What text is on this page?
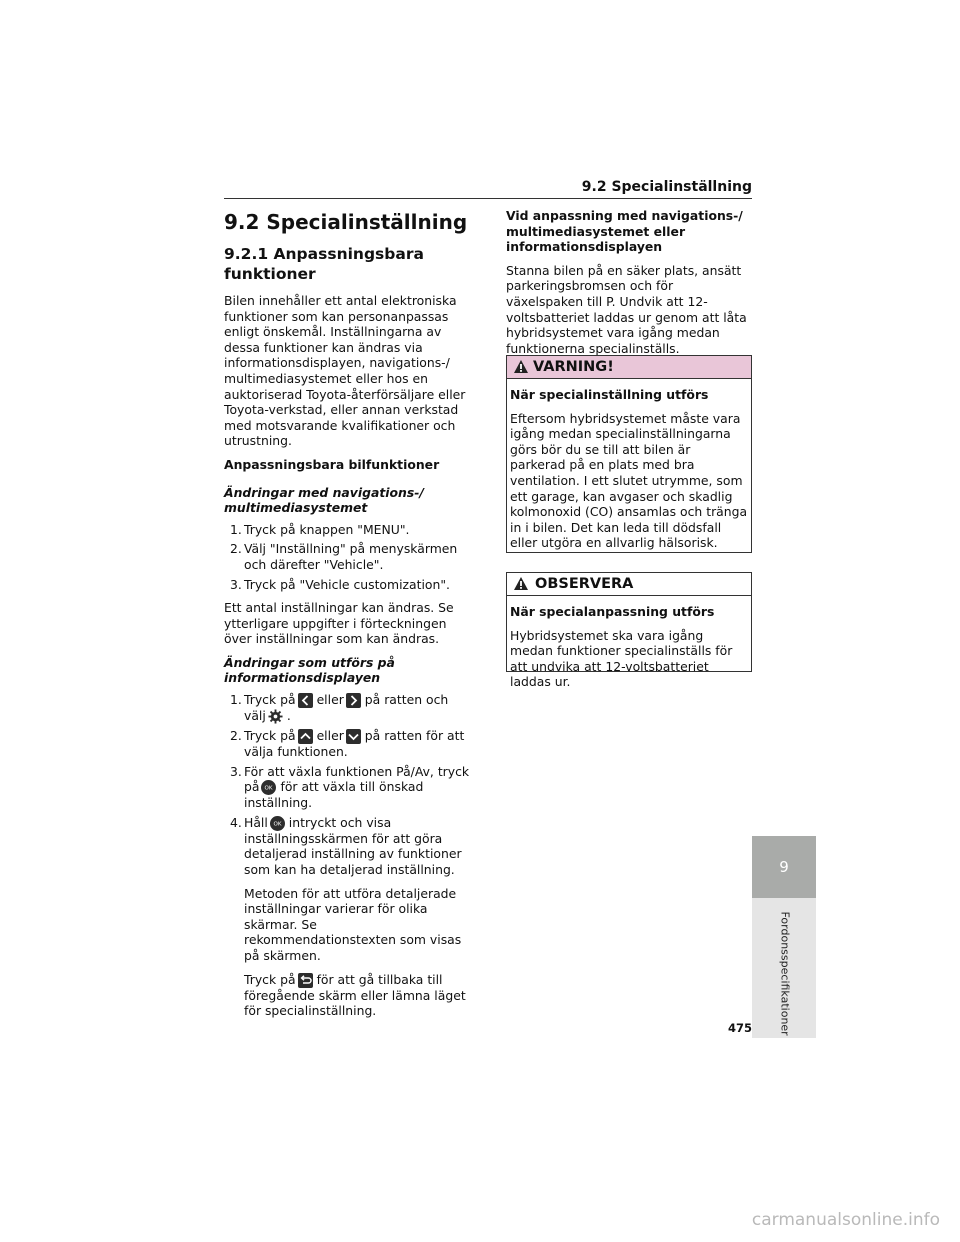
9.2 Specialinställning
9.2 Specialinställning
9.2.1 Anpassningsbara funktioner

Bilen innehåller ett antal elektroniska funktioner som kan personanpassas enligt önskemål. Inställningarna av dessa funktioner kan ändras via informationsdisplayen, navigations-/ multimediasystemet eller hos en auktoriserad Toyota-återförsäljare eller Toyota-verkstad, eller annan verkstad med motsvarande kvalifikationer och utrustning.

Anpassningsbara bilfunktioner

Ändringar med navigations-/ multimediasystemet

1. Tryck på knappen "MENU".
2. Välj "Inställning" på menyskärmen och därefter "Vehicle".
3. Tryck på "Vehicle customization".

Ett antal inställningar kan ändras. Se ytterligare uppgifter i förteckningen över inställningar som kan ändras.

Ändringar som utförs på informationsdisplayen

1. Tryck på eller på ratten och välj .
2. Tryck på eller på ratten för att välja funktionen.
3. För att växla funktionen På/Av, tryck på OK för att växla till önskad inställning.
4. Håll OK intryckt och visa inställningsskärmen för att göra detaljerad inställning av funktioner som kan ha detaljerad inställning.

Metoden för att utföra detaljerade inställningar varierar för olika skärmar. Se rekommendationstexten som visas på skärmen.

Tryck på för att gå tillbaka till föregående skärm eller lämna läget för specialinställning.

Vid anpassning med navigations-/ multimediasystemet eller informationsdisplayen

Stanna bilen på en säker plats, ansätt parkeringsbromsen och för växelspaken till P. Undvik att 12-voltsbatteriet laddas ur genom att låta hybridsystemet vara igång medan funktionerna specialinställs.

VARNING!

När specialinställning utförs

Eftersom hybridsystemet måste vara igång medan specialinställningarna görs bör du se till att bilen är parkerad på en plats med bra ventilation. I ett slutet utrymme, som ett garage, kan avgaser och skadlig kolmonoxid (CO) ansamlas och tränga in i bilen. Det kan leda till dödsfall eller utgöra en allvarlig hälsorisk.

OBSERVERA

När specialanpassning utförs

Hybridsystemet ska vara igång medan funktioner specialinställs för att undvika att 12-voltsbatteriet laddas ur.

9
Fordonsspecifikationer
475
carmanualsonline.info
